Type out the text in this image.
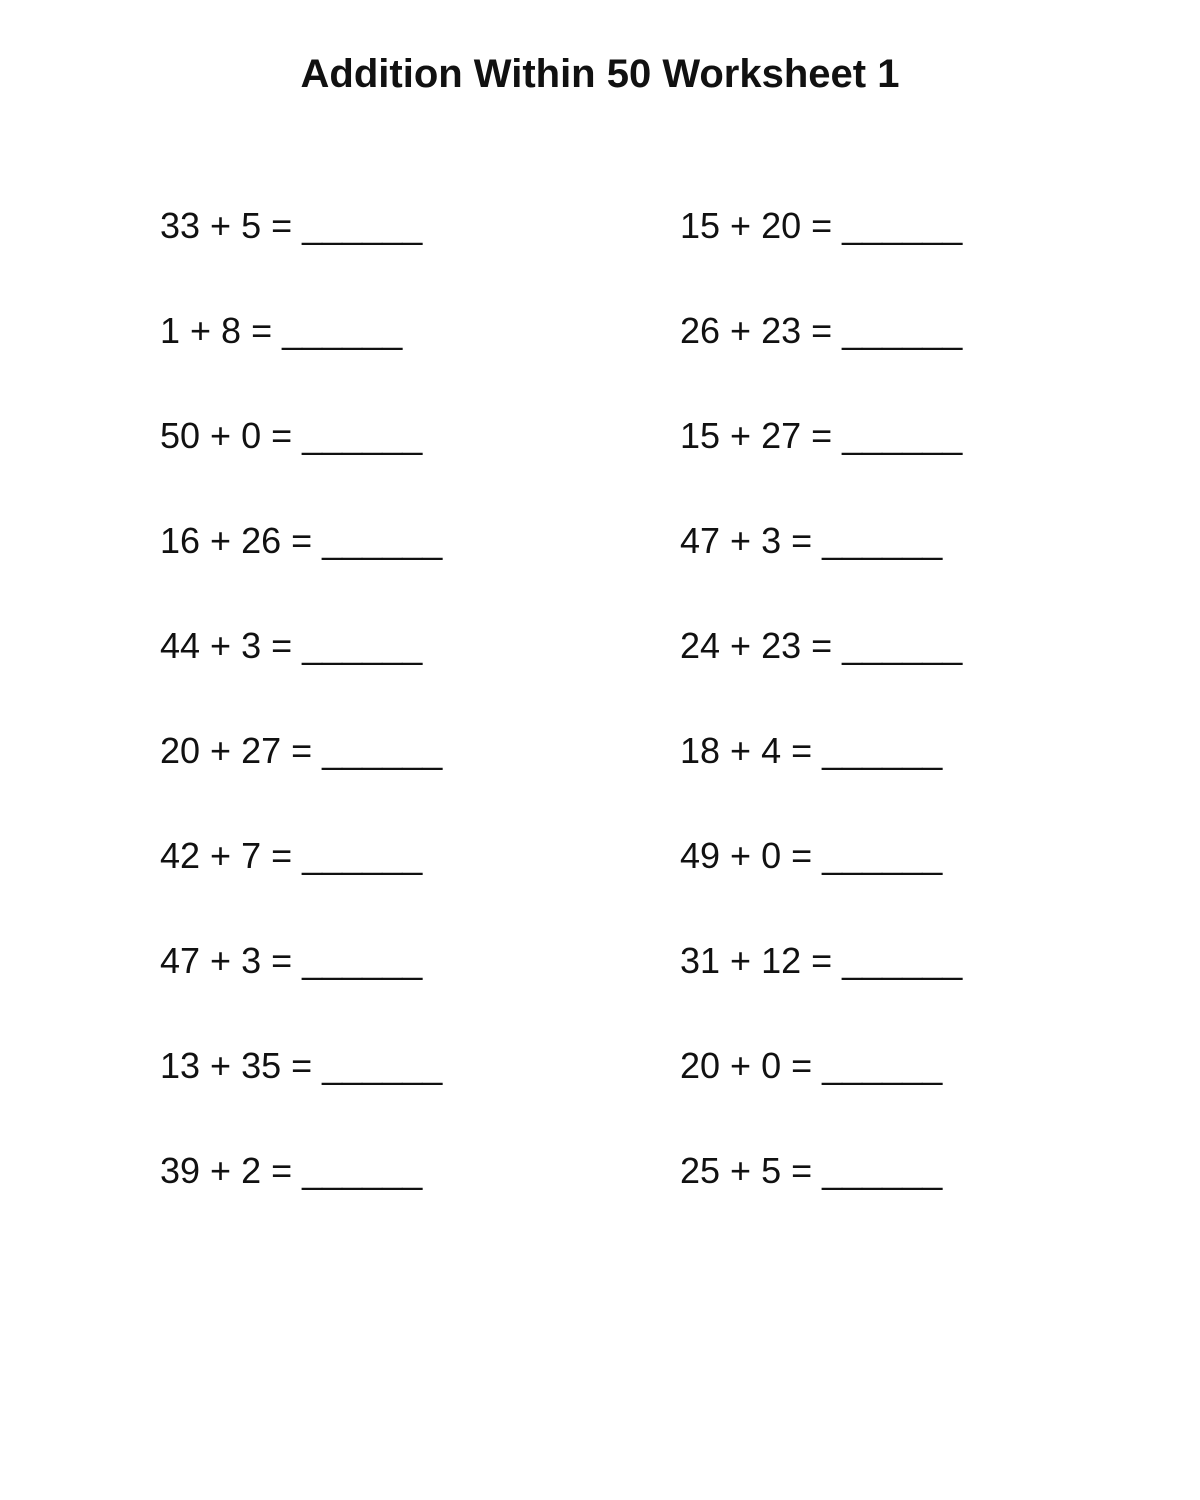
Addition Within 50 Worksheet 1
33 + 5 = ______
1 + 8 = ______
50 + 0 = ______
16 + 26 = ______
44 + 3 = ______
20 + 27 = ______
42 + 7 = ______
47 + 3 = ______
13 + 35 = ______
39 + 2 = ______
15 + 20 = ______
26 + 23 = ______
15 + 27 = ______
47 + 3 = ______
24 + 23 = ______
18 + 4 = ______
49 + 0 = ______
31 + 12 = ______
20 + 0 = ______
25 + 5 = ______
